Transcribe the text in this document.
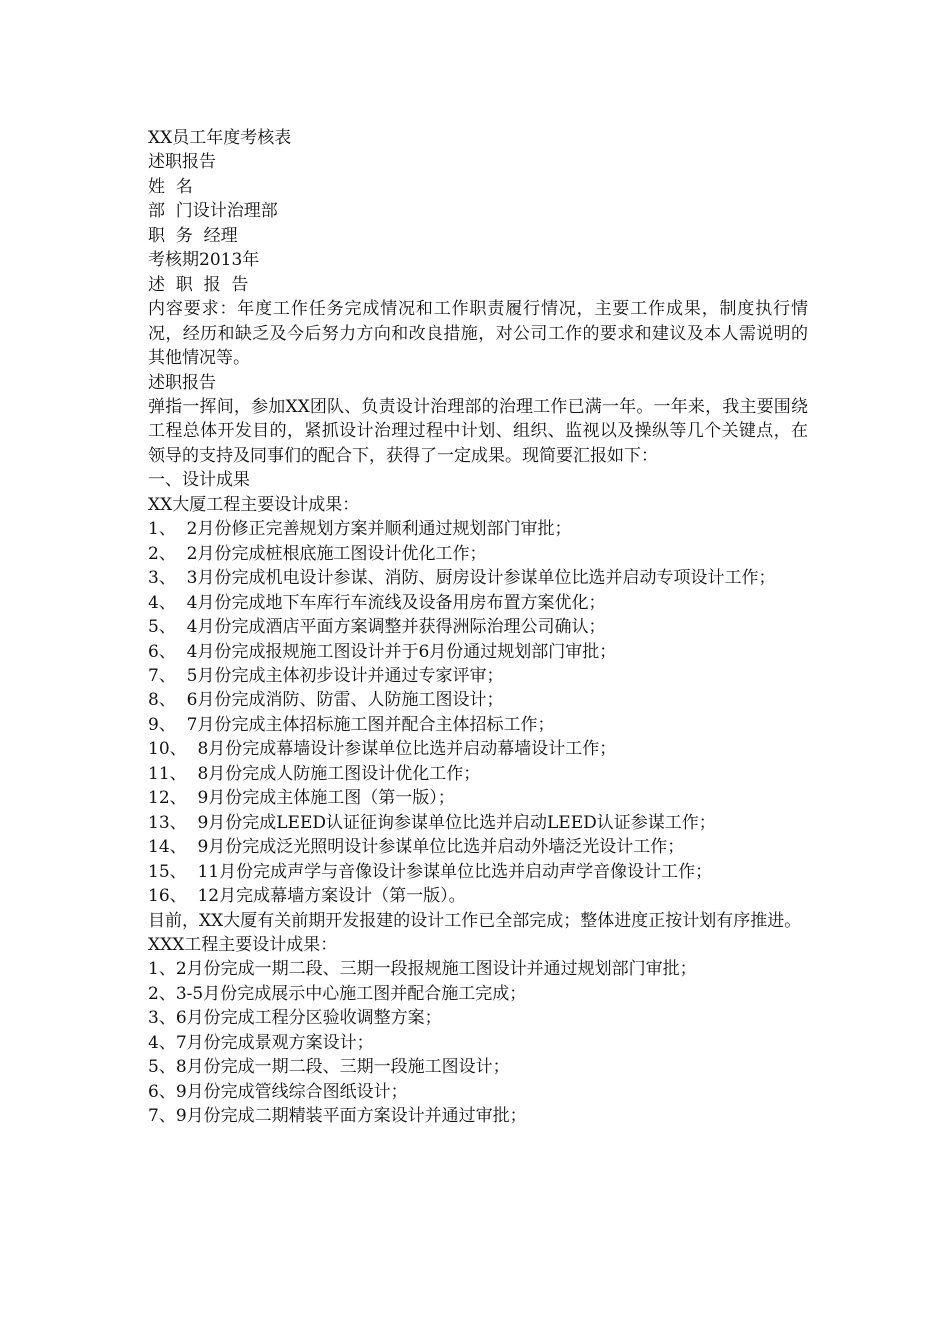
XX员工年度考核表
述职报告
姓  名
部  门设计治理部
职  务  经理
考核期2013年
述  职  报  告
内容要求：年度工作任务完成情况和工作职责履行情况，主要工作成果，制度执行情况，经历和缺乏及今后努力方向和改良措施，对公司工作的要求和建议及本人需说明的其他情况等。
述职报告
弹指一挥间，参加XX团队、负责设计治理部的治理工作已满一年。一年来，我主要围绕工程总体开发目的，紧抓设计治理过程中计划、组织、监视以及操纵等几个关键点，在领导的支持及同事们的配合下，获得了一定成果。现简要汇报如下：
一、设计成果
XX大厦工程主要设计成果：
1、  2月份修正完善规划方案并顺利通过规划部门审批；
2、  2月份完成桩根底施工图设计优化工作；
3、  3月份完成机电设计参谋、消防、厨房设计参谋单位比选并启动专项设计工作；
4、  4月份完成地下车库行车流线及设备用房布置方案优化；
5、  4月份完成酒店平面方案调整并获得洲际治理公司确认；
6、  4月份完成报规施工图设计并于6月份通过规划部门审批；
7、  5月份完成主体初步设计并通过专家评审；
8、  6月份完成消防、防雷、人防施工图设计；
9、  7月份完成主体招标施工图并配合主体招标工作；
10、  8月份完成幕墙设计参谋单位比选并启动幕墙设计工作；
11、  8月份完成人防施工图设计优化工作；
12、  9月份完成主体施工图（第一版）；
13、  9月份完成LEED认证征询参谋单位比选并启动LEED认证参谋工作；
14、  9月份完成泛光照明设计参谋单位比选并启动外墙泛光设计工作；
15、  11月份完成声学与音像设计参谋单位比选并启动声学音像设计工作；
16、  12月完成幕墙方案设计（第一版）。
目前，XX大厦有关前期开发报建的设计工作已全部完成；整体进度正按计划有序推进。
XXX工程主要设计成果：
1、2月份完成一期二段、三期一段报规施工图设计并通过规划部门审批；
2、3-5月份完成展示中心施工图并配合施工完成；
3、6月份完成工程分区验收调整方案；
4、7月份完成景观方案设计；
5、8月份完成一期二段、三期一段施工图设计；
6、9月份完成管线综合图纸设计；
7、9月份完成二期精装平面方案设计并通过审批；
